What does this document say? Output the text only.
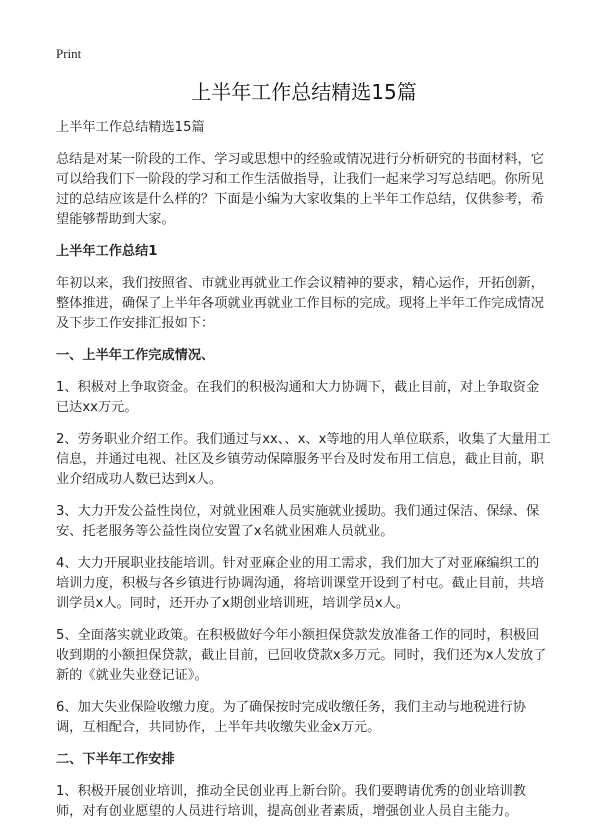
Print
上半年工作总结精选15篇

上半年工作总结精选15篇

总结是对某一阶段的工作、学习或思想中的经验或情况进行分析研究的书面材料，它可以给我们下一阶段的学习和工作生活做指导，让我们一起来学习写总结吧。你所见过的总结应该是什么样的？下面是小编为大家收集的上半年工作总结，仅供参考，希望能够帮助到大家。

上半年工作总结1

年初以来，我们按照省、市就业再就业工作会议精神的要求，精心运作，开拓创新，整体推进，确保了上半年各项就业再就业工作目标的完成。现将上半年工作完成情况及下步工作安排汇报如下：

一、上半年工作完成情况、

1、积极对上争取资金。在我们的积极沟通和大力协调下，截止目前，对上争取资金已达xx万元。

2、劳务职业介绍工作。我们通过与xx、、x、x等地的用人单位联系，收集了大量用工信息，并通过电视、社区及乡镇劳动保障服务平台及时发布用工信息，截止目前，职业介绍成功人数已达到x人。

3、大力开发公益性岗位，对就业困难人员实施就业援助。我们通过保洁、保绿、保安、托老服务等公益性岗位安置了x名就业困难人员就业。

4、大力开展职业技能培训。针对亚麻企业的用工需求，我们加大了对亚麻编织工的培训力度，积极与各乡镇进行协调沟通，将培训课堂开设到了村屯。截止目前，共培训学员x人。同时，还开办了x期创业培训班，培训学员x人。

5、全面落实就业政策。在积极做好今年小额担保贷款发放准备工作的同时，积极回收到期的小额担保贷款，截止目前，已回收贷款x多万元。同时，我们还为x人发放了新的《就业失业登记证》。

6、加大失业保险收缴力度。为了确保按时完成收缴任务，我们主动与地税进行协调，互相配合，共同协作，上半年共收缴失业金x万元。

二、下半年工作安排

1、积极开展创业培训，推动全民创业再上新台阶。我们要聘请优秀的创业培训教师，对有创业愿望的人员进行培训，提高创业者素质，增强创业人员自主能力。
